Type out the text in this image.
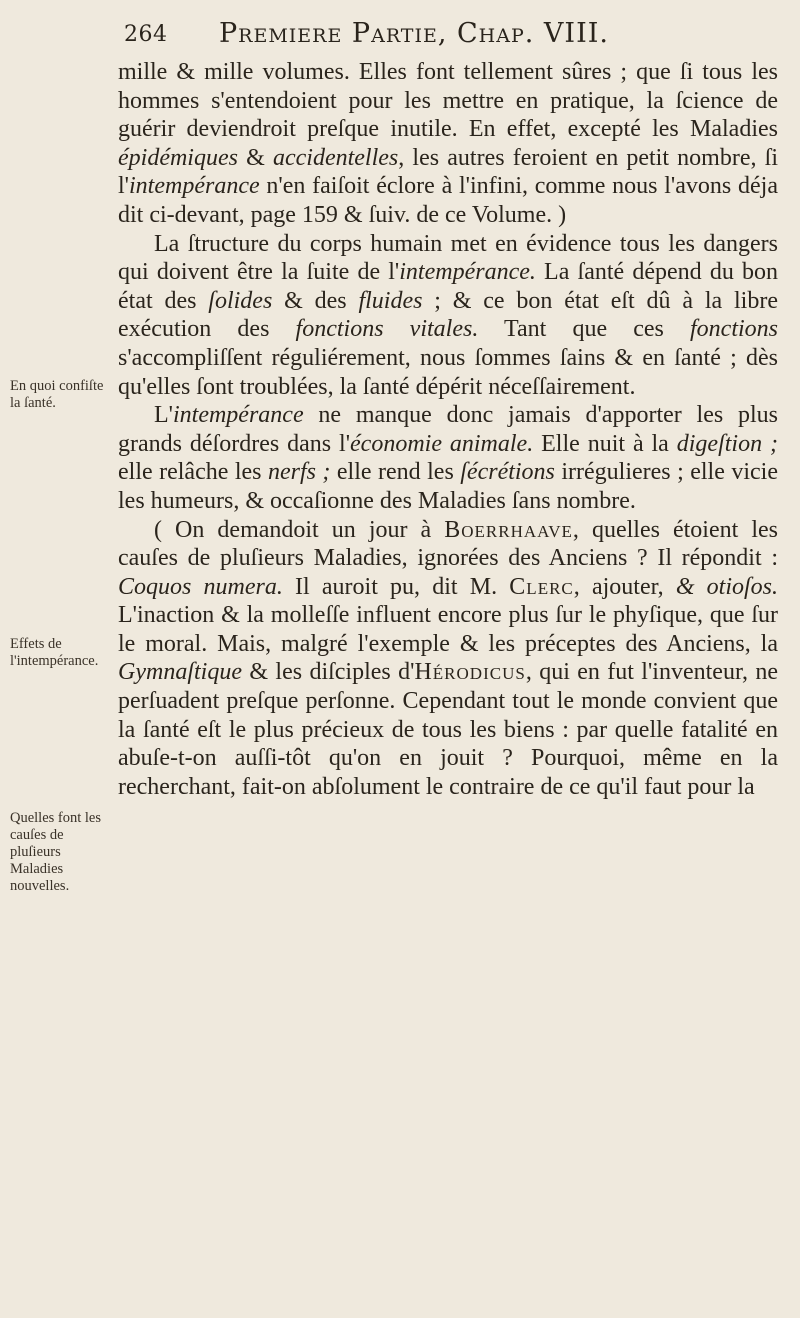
264 Premiere Partie, Chap. VIII.
En quoi confiſte la ſanté.
Effets de l'intempérance.
Quelles font les cauſes de pluſieurs Maladies nouvelles.

mille & mille volumes. Elles font tellement sûres ; que ſi tous les hommes s'entendoient pour les mettre en pratique, la ſcience de guérir deviendroit preſque inutile. En effet, excepté les Maladies épidémiques & accidentelles, les autres feroient en petit nombre, ſi l'intempérance n'en faiſoit éclore à l'infini, comme nous l'avons déja dit ci-devant, page 159 & ſuiv. de ce Volume. )

La ſtructure du corps humain met en évidence tous les dangers qui doivent être la ſuite de l'intempérance. La ſanté dépend du bon état des ſolides & des fluides ; & ce bon état eſt dû à la libre exécution des fonctions vitales. Tant que ces fonctions s'accompliſſent réguliérement, nous ſommes ſains & en ſanté ; dès qu'elles ſont troublées, la ſanté dépérit néceſſairement.

L'intempérance ne manque donc jamais d'apporter les plus grands déſordres dans l'économie animale. Elle nuit à la digeſtion ; elle relâche les nerfs ; elle rend les ſécrétions irrégulieres ; elle vicie les humeurs, & occaſionne des Maladies ſans nombre.

( On demandoit un jour à Boerrhaave, quelles étoient les cauſes de pluſieurs Maladies, ignorées des Anciens ? Il répondit : Coquos numera. Il auroit pu, dit M. Clerc, ajouter, & otioſos. L'inaction & la molleſſe influent encore plus ſur le phyſique, que ſur le moral. Mais, malgré l'exemple & les préceptes des Anciens, la Gymnaſtique & les diſciples d'Hérodicus, qui en fut l'inventeur, ne perſuadent preſque perſonne. Cependant tout le monde convient que la ſanté eſt le plus précieux de tous les biens : par quelle fatalité en abuſe-t-on auſſi-tôt qu'on en jouit ? Pourquoi, même en la recherchant, fait-on abſolument le contraire de ce qu'il faut pour la
